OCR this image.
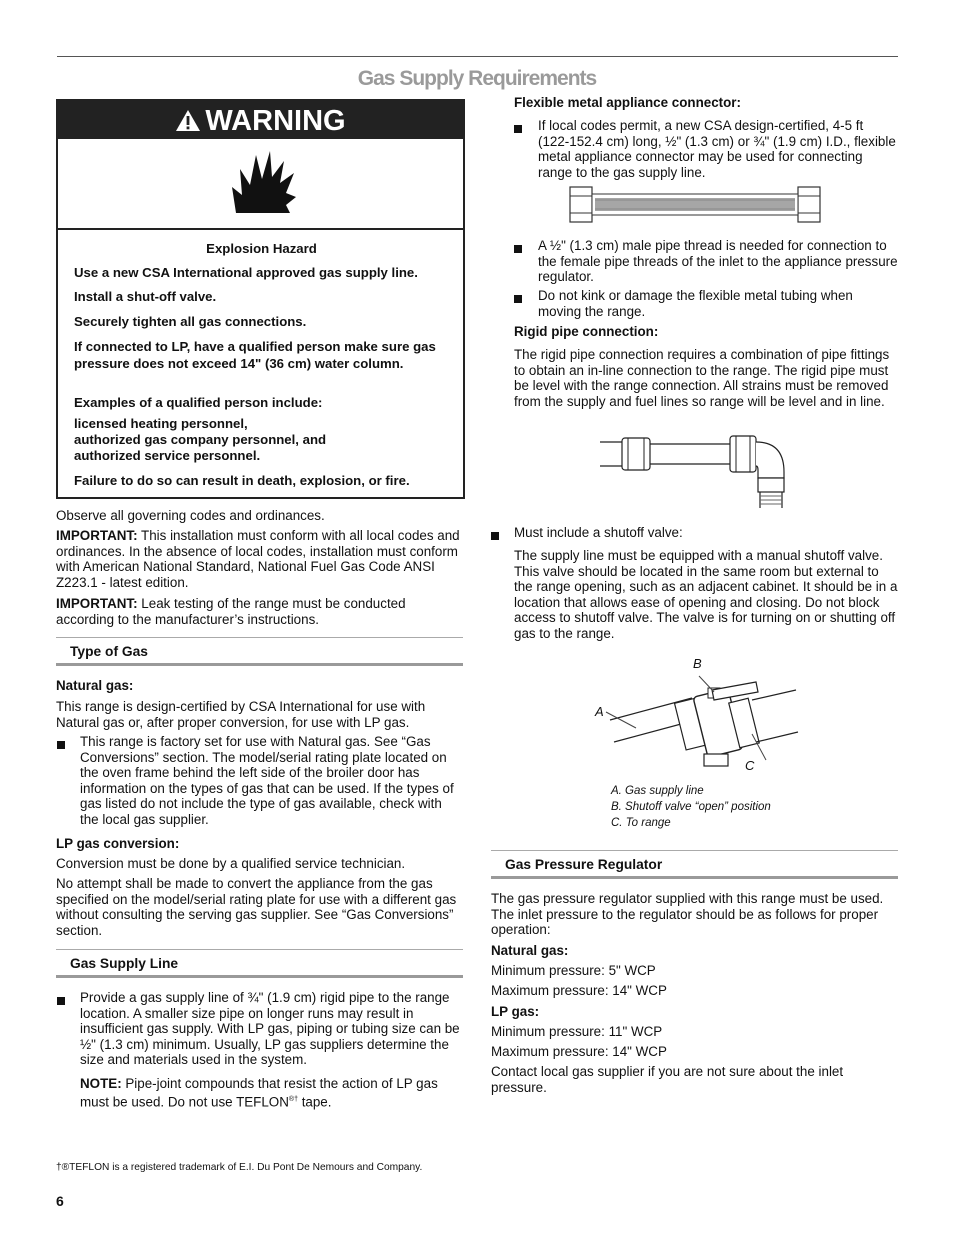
Gas Supply Requirements
WARNING
Explosion Hazard
Use a new CSA International approved gas supply line.
Install a shut-off valve.
Securely tighten all gas connections.
If connected to LP, have a qualified person make sure gas pressure does not exceed 14" (36 cm) water column.
Examples of a qualified person include:
licensed heating personnel,
authorized gas company personnel, and
authorized service personnel.
Failure to do so can result in death, explosion, or fire.

Observe all governing codes and ordinances.

IMPORTANT: This installation must conform with all local codes and ordinances. In the absence of local codes, installation must conform with American National Standard, National Fuel Gas Code ANSI Z223.1 - latest edition.

IMPORTANT: Leak testing of the range must be conducted according to the manufacturer’s instructions.

Type of Gas

Natural gas:

This range is design-certified by CSA International for use with Natural gas or, after proper conversion, for use with LP gas.

This range is factory set for use with Natural gas. See “Gas Conversions” section. The model/serial rating plate located on the oven frame behind the left side of the broiler door has information on the types of gas that can be used. If the types of gas listed do not include the type of gas available, check with the local gas supplier.

LP gas conversion:

Conversion must be done by a qualified service technician.

No attempt shall be made to convert the appliance from the gas specified on the model/serial rating plate for use with a different gas without consulting the serving gas supplier. See “Gas Conversions” section.

Gas Supply Line

Provide a gas supply line of ¾" (1.9 cm) rigid pipe to the range location. A smaller size pipe on longer runs may result in insufficient gas supply. With LP gas, piping or tubing size can be ½" (1.3 cm) minimum. Usually, LP gas suppliers determine the size and materials used in the system.

NOTE: Pipe-joint compounds that resist the action of LP gas must be used. Do not use TEFLON®† tape.

†®TEFLON is a registered trademark of E.I. Du Pont De Nemours and Company.

6

Flexible metal appliance connector:

If local codes permit, a new CSA design-certified, 4-5 ft (122-152.4 cm) long, ½" (1.3 cm) or ¾" (1.9 cm) I.D., flexible metal appliance connector may be used for connecting range to the gas supply line.

A ½" (1.3 cm) male pipe thread is needed for connection to the female pipe threads of the inlet to the appliance pressure regulator.

Do not kink or damage the flexible metal tubing when moving the range.

Rigid pipe connection:

The rigid pipe connection requires a combination of pipe fittings to obtain an in-line connection to the range. The rigid pipe must be level with the range connection. All strains must be removed from the supply and fuel lines so range will be level and in line.

Must include a shutoff valve:

The supply line must be equipped with a manual shutoff valve. This valve should be located in the same room but external to the range opening, such as an adjacent cabinet. It should be in a location that allows ease of opening and closing. Do not block access to shutoff valve. The valve is for turning on or shutting off gas to the range.

A
B
C

A. Gas supply line

B. Shutoff valve “open” position

C. To range

Gas Pressure Regulator

The gas pressure regulator supplied with this range must be used. The inlet pressure to the regulator should be as follows for proper operation:

Natural gas:

Minimum pressure: 5" WCP

Maximum pressure: 14" WCP

LP gas:

Minimum pressure: 11" WCP

Maximum pressure: 14" WCP

Contact local gas supplier if you are not sure about the inlet pressure.
